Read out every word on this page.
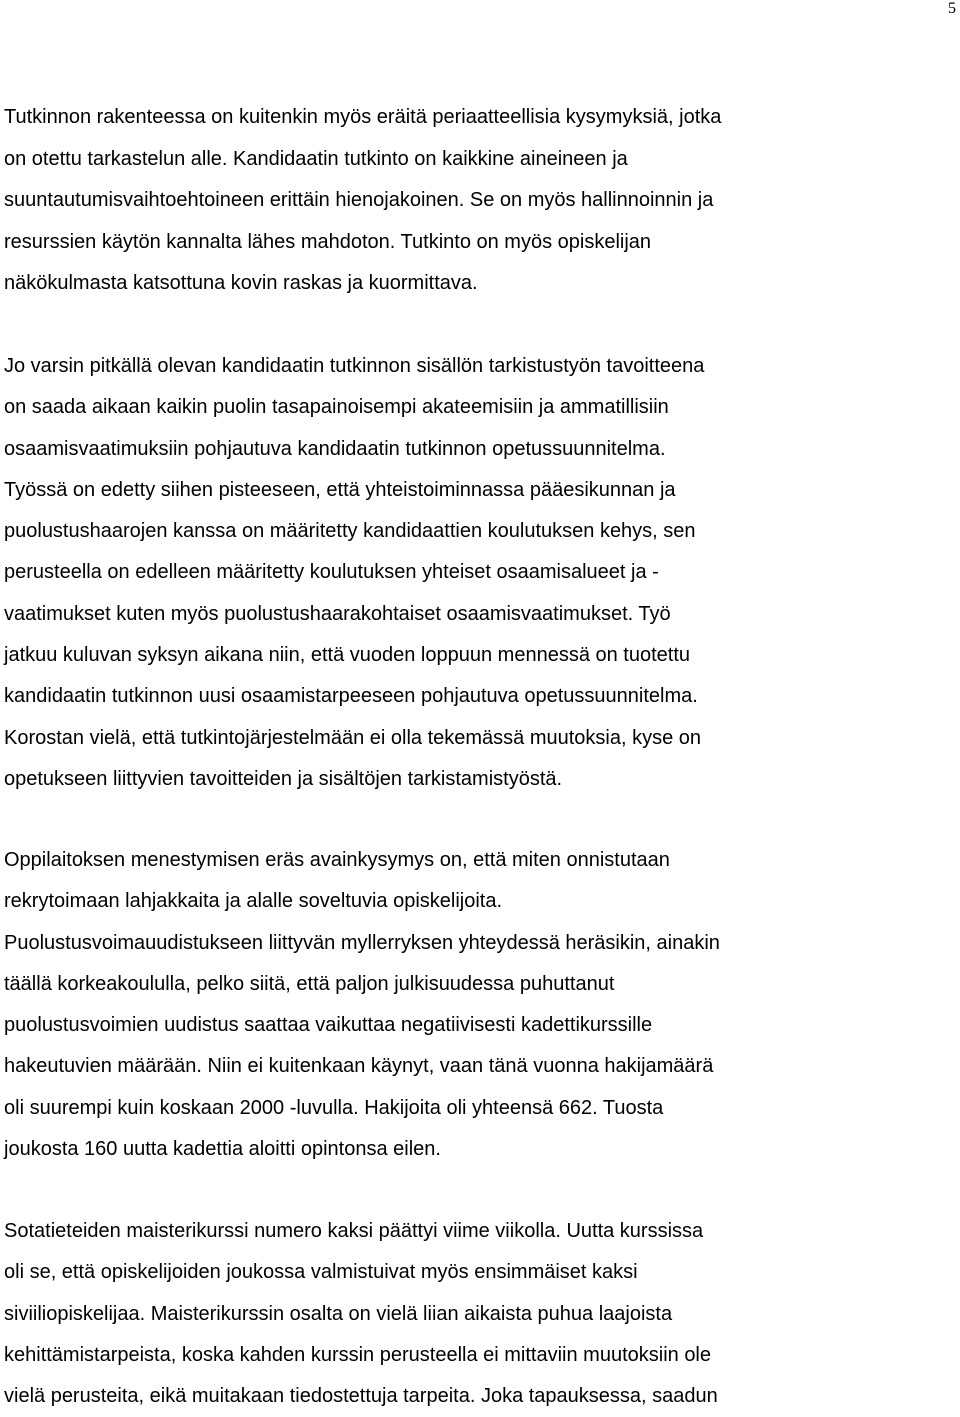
5
Tutkinnon rakenteessa on kuitenkin myös eräitä periaatteellisia kysymyksiä, jotka
on otettu tarkastelun alle. Kandidaatin tutkinto on kaikkine aineineen ja
suuntautumisvaihtoehtoineen erittäin hienojakoinen. Se on myös hallinnoinnin ja
resurssien käytön kannalta lähes mahdoton. Tutkinto on myös opiskelijan
näkökulmasta katsottuna kovin raskas ja kuormittava.
Jo varsin pitkällä olevan kandidaatin tutkinnon sisällön tarkistustyön tavoitteena
on saada aikaan kaikin puolin tasapainoisempi akateemisiin ja ammatillisiin
osaamisvaatimuksiin pohjautuva kandidaatin tutkinnon opetussuunnitelma.
Työssä on edetty siihen pisteeseen, että yhteistoiminnassa pääesikunnan ja
puolustushaarojen kanssa on määritetty kandidaattien koulutuksen kehys, sen
perusteella on edelleen määritetty koulutuksen yhteiset osaamisalueet ja -
vaatimukset kuten myös puolustushaarakohtaiset osaamisvaatimukset. Työ
jatkuu kuluvan syksyn aikana niin, että vuoden loppuun mennessä on tuotettu
kandidaatin tutkinnon uusi osaamistarpeeseen pohjautuva opetussuunnitelma.
Korostan vielä, että tutkintojärjestelmään ei olla tekemässä muutoksia, kyse on
opetukseen liittyvien tavoitteiden ja sisältöjen tarkistamistyöstä.
Oppilaitoksen menestymisen eräs avainkysymys on, että miten onnistutaan
rekrytoimaan lahjakkaita ja alalle soveltuvia opiskelijoita.
Puolustusvoimauudistukseen liittyvän myllerryksen yhteydessä heräsikin, ainakin
täällä korkeakoululla, pelko siitä, että paljon julkisuudessa puhuttanut
puolustusvoimien uudistus saattaa vaikuttaa negatiivisesti kadettikurssille
hakeutuvien määrään. Niin ei kuitenkaan käynyt, vaan tänä vuonna hakijamäärä
oli suurempi kuin koskaan 2000 -luvulla. Hakijoita oli yhteensä 662. Tuosta
joukosta 160 uutta kadettia aloitti opintonsa eilen.
Sotatieteiden maisterikurssi numero kaksi päättyi viime viikolla. Uutta kurssissa
oli se, että opiskelijoiden joukossa valmistuivat myös ensimmäiset kaksi
siviiliopiskelijaa. Maisterikurssin osalta on vielä liian aikaista puhua laajoista
kehittämistarpeista, koska kahden kurssin perusteella ei mittaviin muutoksiin ole
vielä perusteita, eikä muitakaan tiedostettuja tarpeita. Joka tapauksessa, saadun
